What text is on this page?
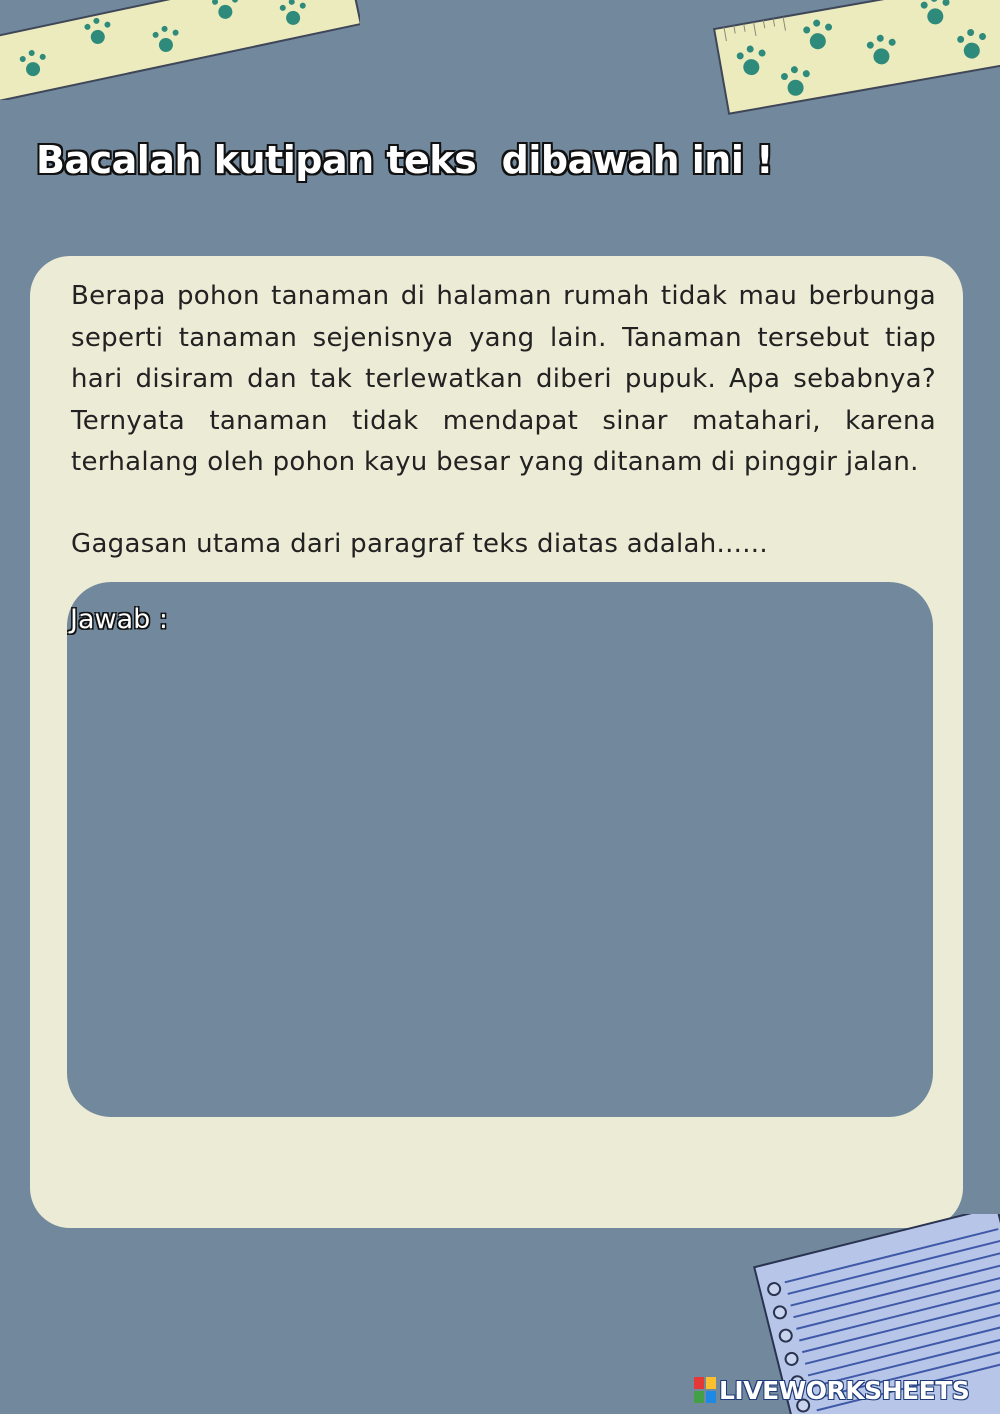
Bacalah kutipan teks  dibawah ini !

Berapa pohon tanaman di halaman rumah tidak mau berbunga seperti tanaman sejenisnya yang lain. Tanaman tersebut tiap hari disiram dan tak terlewatkan diberi pupuk. Apa sebabnya? Ternyata tanaman tidak mendapat sinar matahari, karena terhalang oleh pohon kayu besar yang ditanam di pinggir jalan.

Gagasan utama dari paragraf teks diatas adalah......

Jawab :

LIVEWORKSHEETS
